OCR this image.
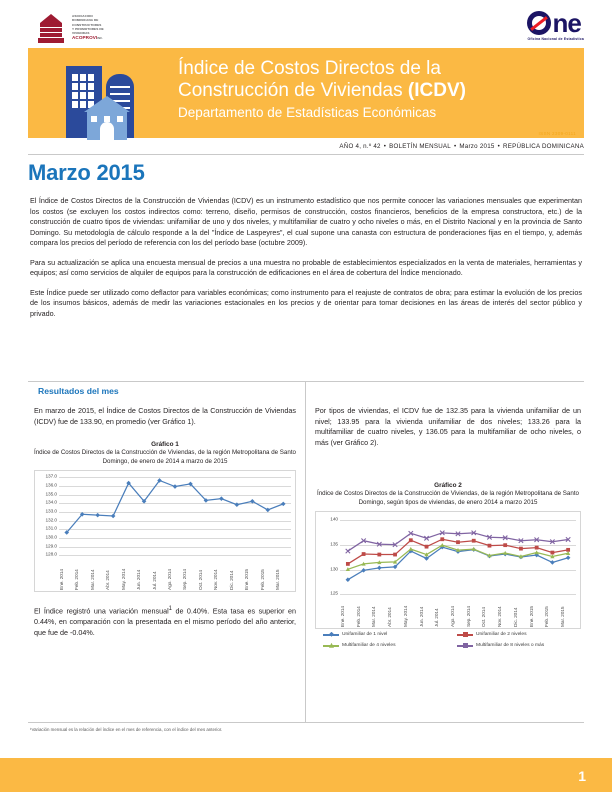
ASOCIACION
DOMINICANA DE
CONSTRUCTORES
Y PROMOTORES DE
VIVIENDAS
ACOPROVIINC.
ne
Oficina Nacional de Estadística
Índice de Costos Directos de la
Construcción de Viviendas (ICDV)
Departamento de Estadísticas Económicas
ISSN 2309-0111
AÑO 4, n.º 42 • BOLETÍN MENSUAL • Marzo 2015 • REPÚBLICA DOMINICANA
Marzo 2015

El Índice de Costos Directos de la Construcción de Viviendas (ICDV) es un instrumento estadístico que nos permite conocer las variaciones mensuales que experimentan los costos (se excluyen los costos indirectos como: terreno, diseño, permisos de construcción, costos financieros, beneficios de la empresa constructora, etc.) de la construcción de cuatro tipos de viviendas: unifamiliar de uno y dos niveles, y multifamiliar de cuatro y ocho niveles o más, en el Distrito Nacional y en la provincia de Santo Domingo. Su metodología de cálculo responde a la del "Índice de Laspeyres", el cual supone una canasta con estructura de ponderaciones fijas en el tiempo, y, además compara los precios del período de referencia con los del período base (octubre 2009).

Para su actualización se aplica una encuesta mensual de precios a una muestra no probable de establecimientos especializados en la venta de materiales, herramientas y equipos; así como servicios de alquiler de equipos para la construcción de edificaciones en el área de cobertura del Índice mencionado.

Este Índice puede ser utilizado como deflactor para variables económicas; como instrumento para el reajuste de contratos de obra; para estimar la evolución de los precios de los insumos básicos, además de medir las variaciones estacionales en los precios y de orientar para tomar decisiones en las áreas de interés del sector público y privado.

Resultados del mes

En marzo de 2015, el Índice de Costos Directos de la Construcción de Viviendas (ICDV) fue de 133.90, en promedio (ver Gráfico 1).

Gráfico 1
Índice de Costos Directos de la Construcción de Viviendas, de la región Metropolitana de Santo Domingo, de enero de 2014 a marzo de 2015
137.0
136.0
135.0
134.0
133.0
132.0
131.0
130.0
129.0
128.0
Ene. 2014 Feb. 2014 Mar. 2014 Abr. 2014 May. 2014 Jun. 2014 Jul. 2014 Ago. 2014 Sep. 2014 Oct. 2014 Nov. 2014 Dic. 2014 Ene. 2015 Feb. 2015 Mar. 2015

El Índice registró una variación mensual$^1$ de 0.40%. Esta tasa es superior en 0.44%, en comparación con la presentada en el mismo período del año anterior, que fue de -0.04%.

Por tipos de viviendas, el ICDV fue de 132.35 para la vivienda unifamiliar de un nivel; 133.95 para la vivienda unifamiliar de dos niveles; 133.26 para la multifamiliar de cuatro niveles, y 136.05 para la multifamiliar de ocho niveles, o más (ver Gráfico 2).

Gráfico 2
Índice de Costos Directos de la Construcción de Viviendas, de la región Metropolitana de Santo Domingo, según tipos de viviendas, de enero 2014 a marzo 2015
140
135
130
125
Ene. 2014 Feb. 2014 Mar. 2014 Abr. 2014 May. 2014 Jun. 2014 Jul. 2014 Ago. 2014 Sep. 2014 Oct. 2014 Nov. 2014 Dic. 2014 Ene. 2015 Feb. 2015 Mar. 2015
Unifamiliar de 1 nivel	Unifamiliar de 2 niveles
Multifamiliar de 4 niveles	Multifamiliar de 8 niveles o más
¹Variación mensual es la relación del índice en el mes de referencia, con el índice del mes anterior.
1
